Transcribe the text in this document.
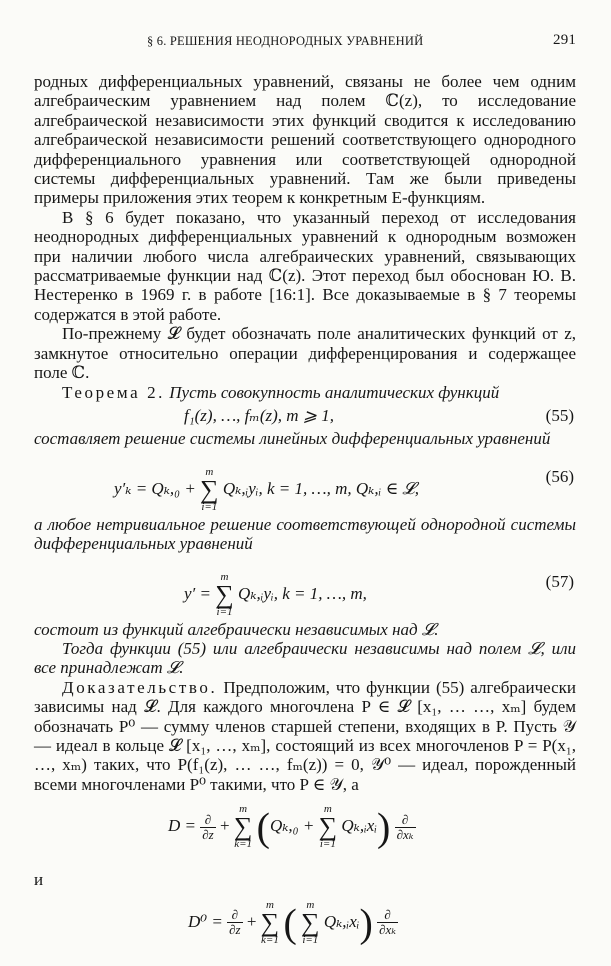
§ 6. РЕШЕНИЯ НЕОДНОРОДНЫХ УРАВНЕНИЙ	291

родных дифференциальных уравнений, связаны не более чем одним алгебраическим уравнением над полем ℂ(z), то исследование алгебраической независимости этих функций сводится к исследованию алгебраической независимости решений соответствующего однородного дифференциального уравнения или соответствующей однородной системы дифференциальных уравнений. Там же были приведены примеры приложения этих теорем к конкретным E-функциям.

В § 6 будет показано, что указанный переход от исследования неоднородных дифференциальных уравнений к однородным возможен при наличии любого числа алгебраических уравнений, связывающих рассматриваемые функции над ℂ(z). Этот переход был обоснован Ю. В. Нестеренко в 1969 г. в работе [16:1]. Все доказываемые в § 7 теоремы содержатся в этой работе.

По-прежнему 𝓛 будет обозначать поле аналитических функций от z, замкнутое относительно операции дифференцирования и содержащее поле ℂ.

Теорема 2. Пусть совокупность аналитических функций

f₁(z), …, fₘ(z), m ⩾ 1,	(55)

составляет решение системы линейных дифференциальных уравнений

y′ₖ = Qₖ,₀ +
m
∑
i=1
Qₖ,ᵢyᵢ, k = 1, …, m, Qₖ,ᵢ ∈ 𝓛,
(56)

а любое нетривиальное решение соответствующей однородной системы дифференциальных уравнений

y′ =
m
∑
i=1
Qₖ,ᵢyᵢ, k = 1, …, m,
(57)

состоит из функций алгебраически независимых над 𝓛.

Тогда функции (55) или алгебраически независимы над полем 𝓛, или все принадлежат 𝓛.

Доказательство. Предположим, что функции (55) алгебраически зависимы над 𝓛. Для каждого многочлена P ∈ 𝓛 [x₁, … …, xₘ] будем обозначать P⁰ — сумму членов старшей степени, входящих в P. Пусть 𝒴 — идеал в кольце 𝓛 [x₁, …, xₘ], состоящий из всех многочленов P = P(x₁, …, xₘ) таких, что P(f₁(z), … …, fₘ(z)) = 0, 𝒴⁰ — идеал, порожденный всеми многочленами P⁰ такими, что P ∈ 𝒴, а

$D = \frac{\partial}{\partial z}$ +
m
∑
k=1 (Qₖ,₀ +
m
∑
i=1
Qₖ,ᵢxᵢ) $\frac{\partial}{\text{∂xₖ}}$

и

$D^0 = \frac{\partial}{\partial z}$ +
m
∑
k=1 ( m
∑
i=1
Qₖ,ᵢxᵢ) $\frac{\partial}{\text{∂xₖ}}$
